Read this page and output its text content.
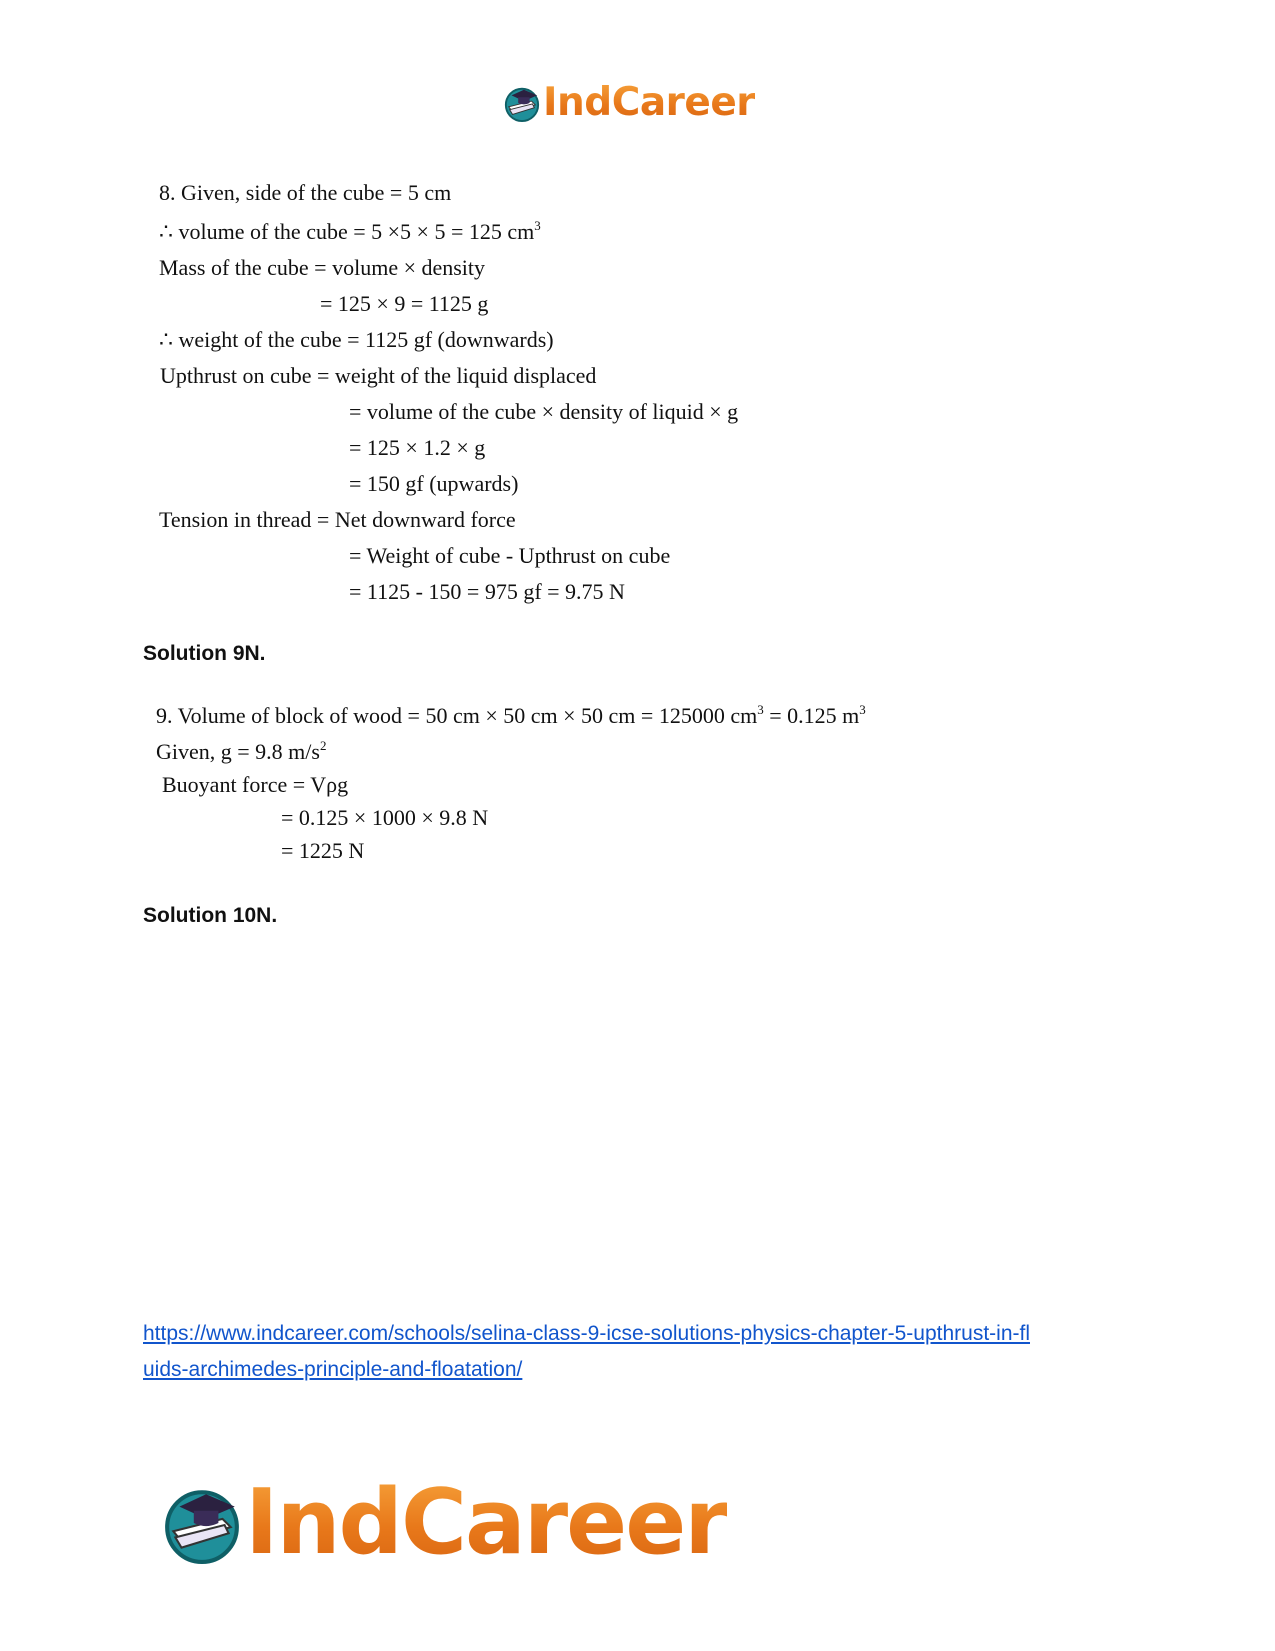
IndCareer
8. Given, side of the cube = 5 cm
∴ volume of the cube = 5 ×5 × 5 = 125 $cm^3$
Mass of the cube = volume × density
= 125 × 9 = 1125 g
∴ weight of the cube = 1125 gf (downwards)
Upthrust on cube = weight of the liquid displaced
= volume of the cube × density of liquid × g
= 125 × 1.2 × g
= 150 gf (upwards)
Tension in thread = Net downward force
= Weight of cube - Upthrust on cube
= 1125 - 150 = 975 gf = 9.75 N
Solution 9N.
9. Volume of block of wood = 50 cm × 50 cm × 50 cm = 125000 $cm^3 = 0.125$ $m^3$
Given, g = 9.8 $m/s^2$
Buoyant force = Vρg
= 0.125 × 1000 × 9.8 N
= 1225 N
Solution 10N.
https://www.indcareer.com/schools/selina-class-9-icse-solutions-physics-chapter-5-upthrust-in-fl
uids-archimedes-principle-and-floatation/
IndCareer
